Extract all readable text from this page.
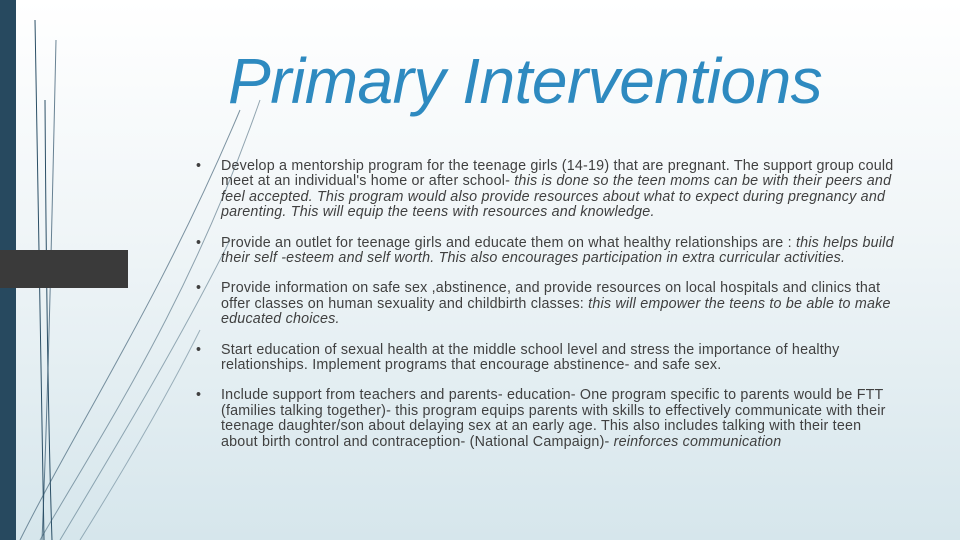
Primary Interventions
• Develop a mentorship program for the teenage girls (14-19) that are pregnant. The support group could meet at an individual's home or after school- this is done so the teen moms can be with their peers and feel accepted. This program would also provide resources about what to expect during pregnancy and parenting. This will equip the teens with resources and knowledge.
• Provide an outlet for teenage girls and educate them on what healthy relationships are : this helps build their self -esteem and self worth. This also encourages participation in extra curricular activities.
• Provide information on safe sex ,abstinence, and provide resources on local hospitals and clinics that offer classes on human sexuality and childbirth classes: this will empower the teens to be able to make educated choices.
• Start education of sexual health at the middle school level and stress the importance of healthy relationships. Implement programs that encourage abstinence- and safe sex.
• Include support from teachers and parents- education- One program specific to parents would be FTT (families talking together)- this program equips parents with skills to effectively communicate with their teenage daughter/son about delaying sex at an early age. This also includes talking with their teen about birth control and contraception- (National Campaign)- reinforces communication
